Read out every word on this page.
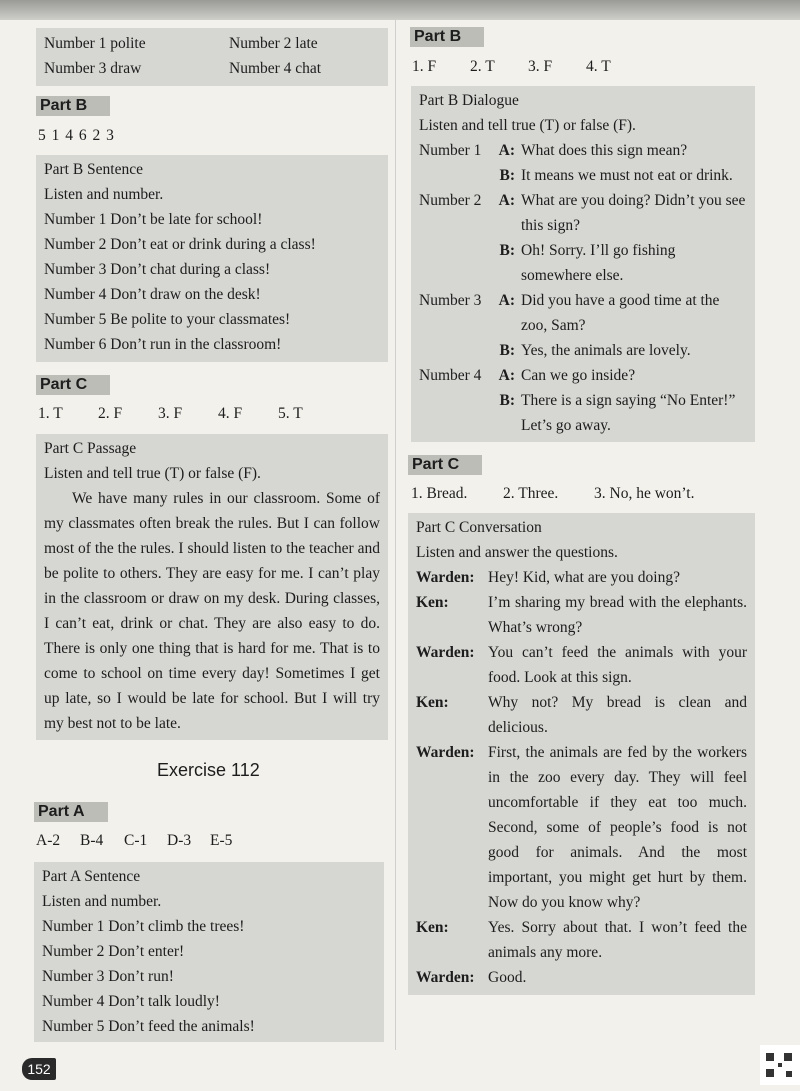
Number 1 polite	Number 2 late
Number 3 draw	Number 4 chat
Part B
5 1 4 6 2 3
Part B Sentence
Listen and number.
Number 1 Don’t be late for school!
Number 2 Don’t eat or drink during a class!
Number 3 Don’t chat during a class!
Number 4 Don’t draw on the desk!
Number 5 Be polite to your classmates!
Number 6 Don’t run in the classroom!
Part C
1. T 2. F 3. F 4. F 5. T
Part C Passage
Listen and tell true (T) or false (F).
We have many rules in our classroom. Some of my classmates often break the rules. But I can follow most of the the rules. I should listen to the teacher and be polite to others. They are easy for me. I can’t play in the classroom or draw on my desk. During classes, I can’t eat, drink or chat. They are also easy to do. There is only one thing that is hard for me. That is to come to school on time every day! Sometimes I get up late, so I would be late for school. But I will try my best not to be late.
Exercise 112
Part A
A-2 B-4 C-1 D-3 E-5
Part A Sentence
Listen and number.
Number 1 Don’t climb the trees!
Number 2 Don’t enter!
Number 3 Don’t run!
Number 4 Don’t talk loudly!
Number 5 Don’t feed the animals!
Part B
1. F 2. T 3. F 4. T
Part B Dialogue
Listen and tell true (T) or false (F).
Number 1	A: What does this sign mean?
B: It means we must not eat or drink.
Number 2	A: What are you doing? Didn’t you see this sign?
B: Oh! Sorry. I’ll go fishing somewhere else.
Number 3	A: Did you have a good time at the zoo, Sam?
B: Yes, the animals are lovely.
Number 4	A: Can we go inside?
B: There is a sign saying “No Enter!” Let’s go away.
Part C
1. Bread. 2. Three. 3. No, he won’t.
Part C Conversation
Listen and answer the questions.
Warden: Hey! Kid, what are you doing?
Ken:	I’m sharing my bread with the elephants. What’s wrong?
Warden: You can’t feed the animals with your food. Look at this sign.
Ken:	Why not? My bread is clean and delicious.
Warden: First, the animals are fed by the workers in the zoo every day. They will feel uncomfortable if they eat too much. Second, some of people’s food is not good for animals. And the most important, you might get hurt by them. Now do you know why?
Ken:	Yes. Sorry about that. I won’t feed the animals any more.
Warden: Good.
152
